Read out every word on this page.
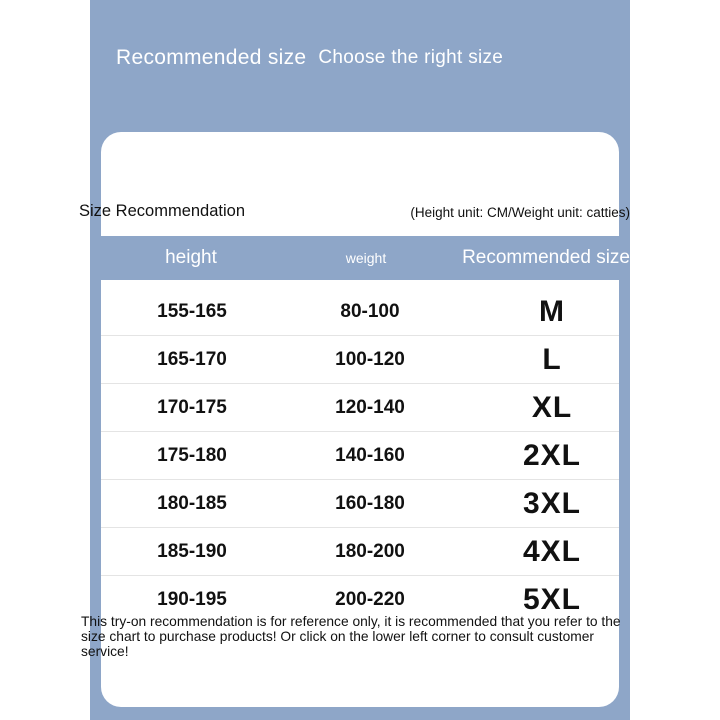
Recommended size Choose the right size
Size Recommendation	(Height unit: CM/Weight unit: catties)
height	weight	Recommended size
155-165	80-100	M
165-170	100-120	L
170-175	120-140	XL
175-180	140-160	2XL
180-185	160-180	3XL
185-190	180-200	4XL
190-195	200-220	5XL
This try-on recommendation is for reference only, it is recommended that you refer to the size chart to purchase products! Or click on the lower left corner to consult customer service!
